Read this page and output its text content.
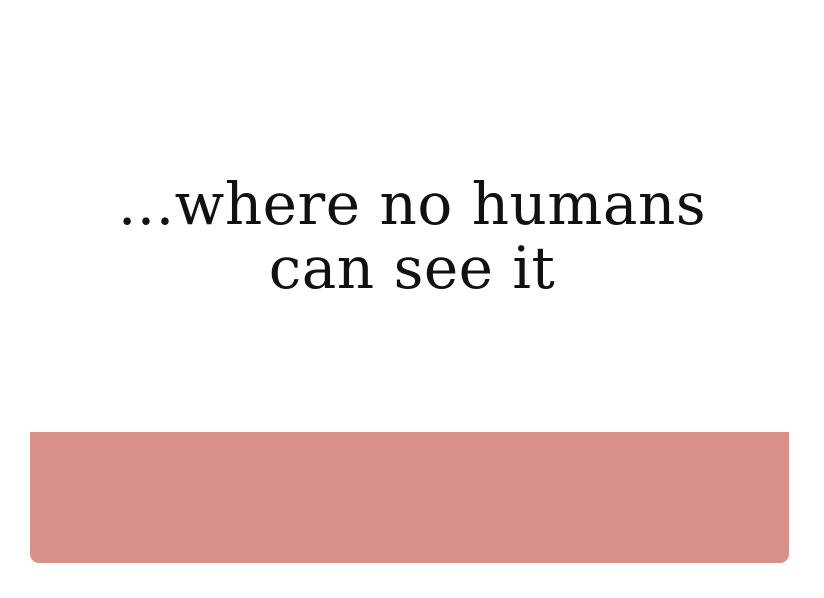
...where no humans
can see it
